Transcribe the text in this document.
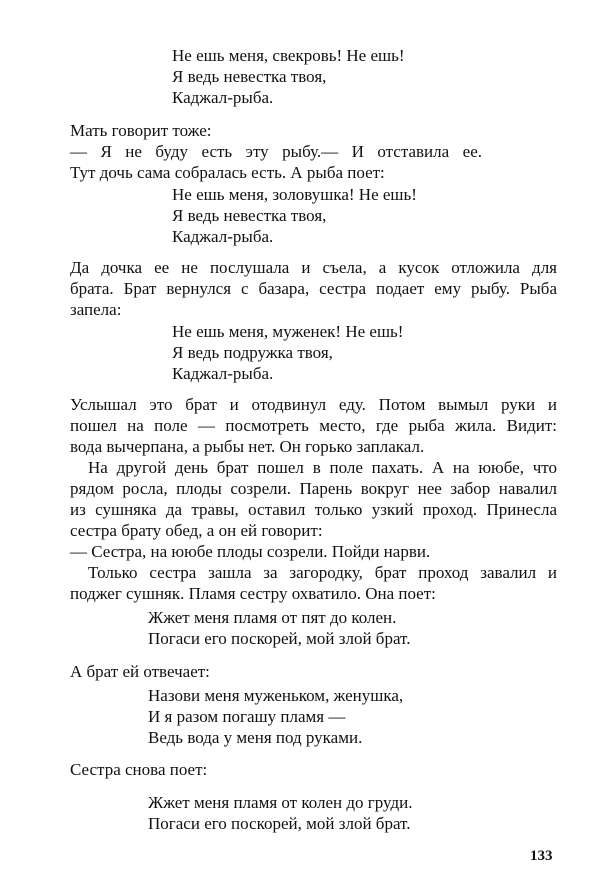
Не ешь меня, свекровь! Не ешь!

Я ведь невестка твоя,

Каджал-рыба.

Мать говорит тоже:

— Я не буду есть эту рыбу.— И отставила ее.

Тут дочь сама собралась есть. А рыба поет:

Не ешь меня, золовушка! Не ешь!

Я ведь невестка твоя,

Каджал-рыба.

Да дочка ее не послушала и съела, а кусок отложила для

брата. Брат вернулся с базара, сестра подает ему рыбу. Рыба

запела:

Не ешь меня, муженек! Не ешь!

Я ведь подружка твоя,

Каджал-рыба.

Услышал это брат и отодвинул еду. Потом вымыл руки и

пошел на поле — посмотреть место, где рыба жила. Видит:

вода вычерпана, а рыбы нет. Он горько заплакал.

На другой день брат пошел в поле пахать. А на ююбе, что

рядом росла, плоды созрели. Парень вокруг нее забор навалил

из сушняка да травы, оставил только узкий проход. Принесла

сестра брату обед, а он ей говорит:

— Сестра, на ююбе плоды созрели. Пойди нарви.

Только сестра зашла за загородку, брат проход завалил и

поджег сушняк. Пламя сестру охватило. Она поет:

Жжет меня пламя от пят до колен.

Погаси его поскорей, мой злой брат.

А брат ей отвечает:

Назови меня муженьком, женушка,

И я разом погашу пламя —

Ведь вода у меня под руками.

Сестра снова поет:

Жжет меня пламя от колен до груди.

Погаси его поскорей, мой злой брат.

133
